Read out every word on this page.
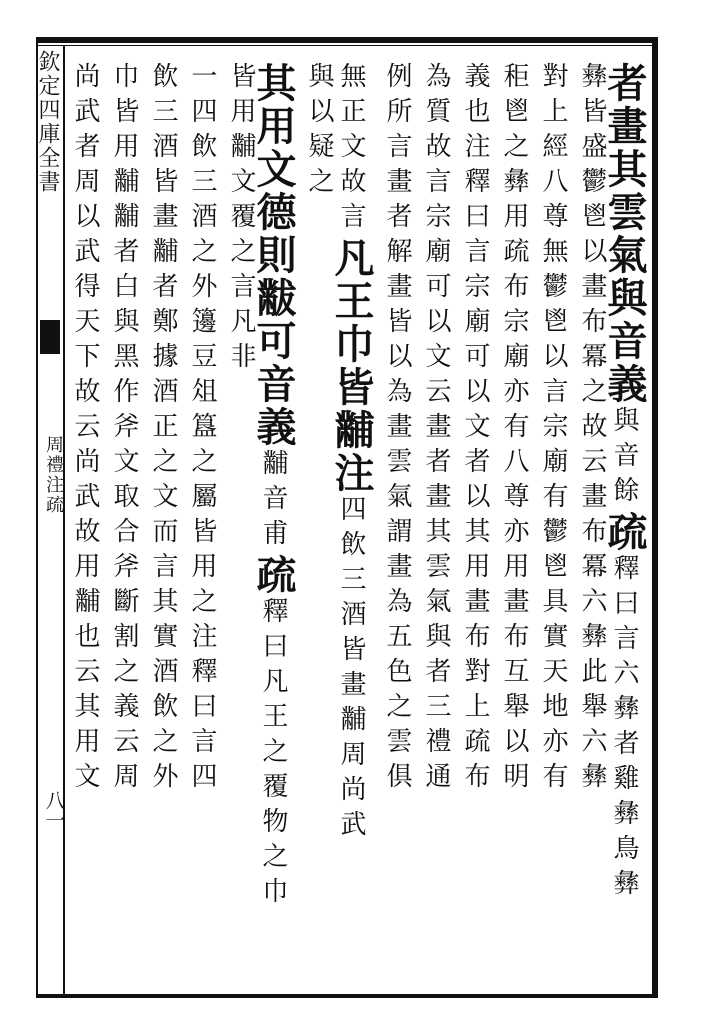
欽定四庫全書
周禮注疏
八一
者畫其雲氣與音義與音餘疏釋曰言六彝者雞彝鳥彝
彝皆盛鬱鬯以畫布冪之故云畫布冪六彝此舉六彝
對上經八尊無鬱鬯以言宗廟有鬱鬯具實天地亦有
秬鬯之彝用疏布宗廟亦有八尊亦用畫布互舉以明
義也注釋曰言宗廟可以文者以其用畫布對上疏布
為質故言宗廟可以文云畫者畫其雲氣與者三禮通
例所言畫者解畫皆以為畫雲氣謂畫為五色之雲俱
無正文故言凡王巾皆黼注四飲三酒皆畫黼周尚武
與以疑之
其用文德則黻可音義黼音甫疏釋曰凡王之覆物之巾
皆用黼文覆之言凡非
一四飲三酒之外籩豆俎簋之屬皆用之注釋曰言四
飲三酒皆畫黼者鄭據酒正之文而言其實酒飲之外
巾皆用黼黼者白與黑作斧文取合斧斷割之義云周
尚武者周以武得天下故云尚武故用黼也云其用文
